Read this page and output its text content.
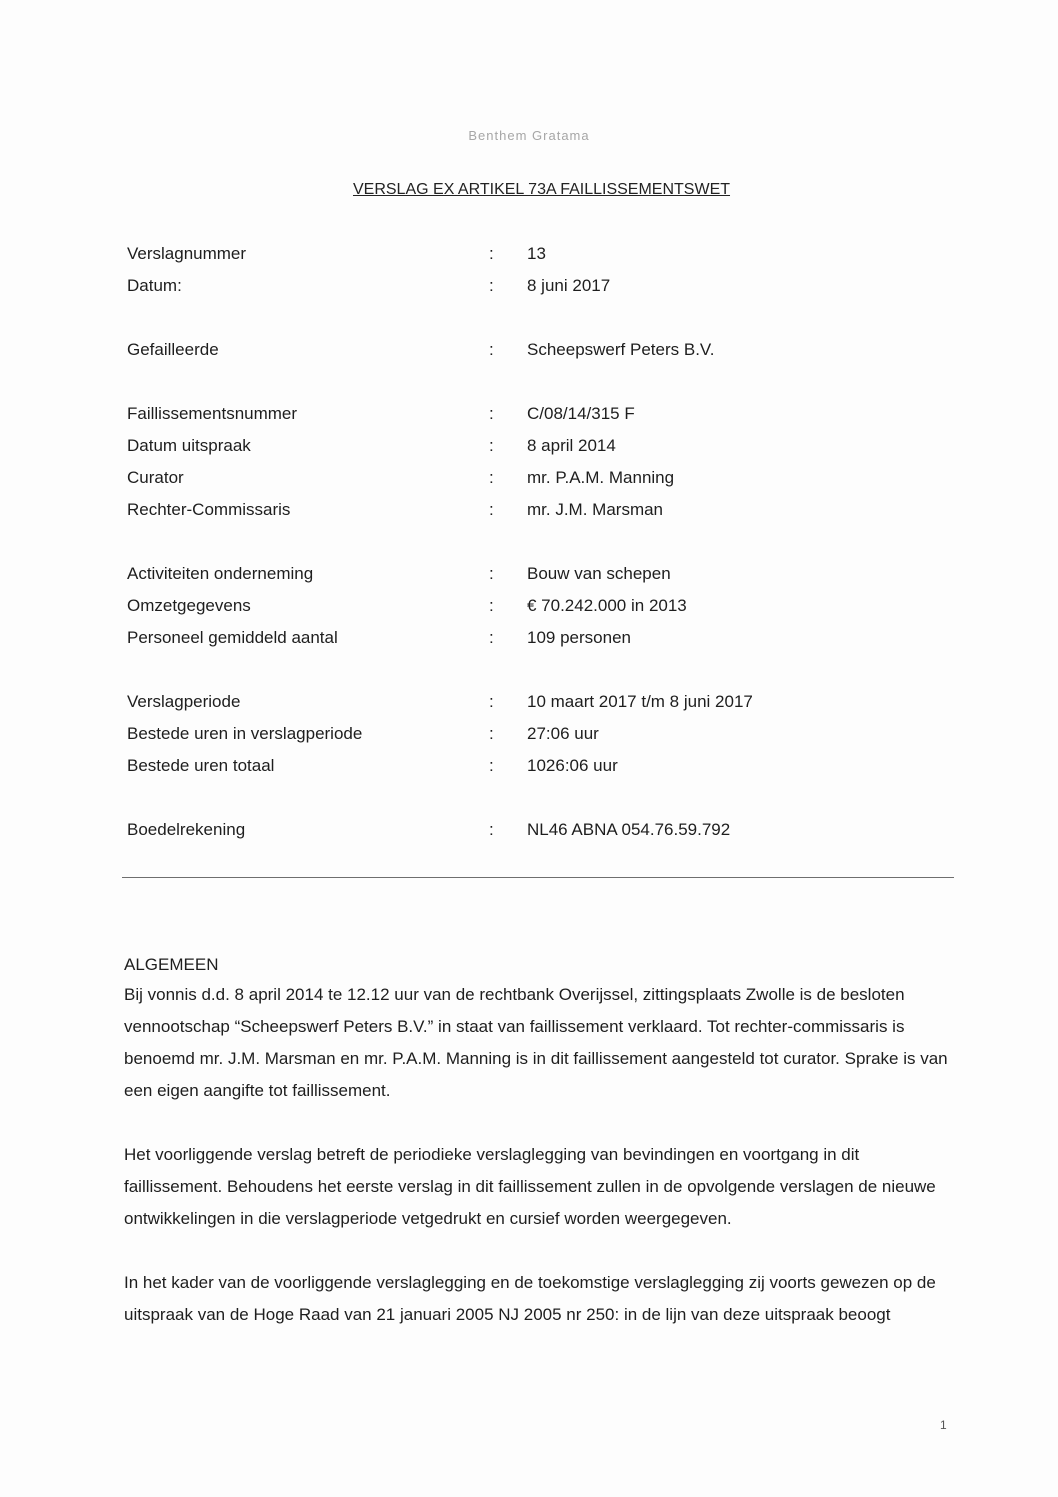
Benthem Gratama
VERSLAG EX ARTIKEL 73A FAILLISSEMENTSWET
Verslagnummer	: 13
Datum:	: 8 juni 2017
Gefailleerde	: Scheepswerf Peters B.V.
Faillissementsnummer	: C/08/14/315 F
Datum uitspraak	: 8 april 2014
Curator	: mr. P.A.M. Manning
Rechter-Commissaris	: mr. J.M. Marsman
Activiteiten onderneming	: Bouw van schepen
Omzetgegevens	: € 70.242.000 in 2013
Personeel gemiddeld aantal	: 109 personen
Verslagperiode	: 10 maart 2017 t/m 8 juni 2017
Bestede uren in verslagperiode	: 27:06 uur
Bestede uren totaal	: 1026:06 uur
Boedelrekening	: NL46 ABNA 054.76.59.792
ALGEMEEN

Bij vonnis d.d. 8 april 2014 te 12.12 uur van de rechtbank Overijssel, zittingsplaats Zwolle is de besloten vennootschap “Scheepswerf Peters B.V.” in staat van faillissement verklaard. Tot rechter-commissaris is benoemd mr. J.M. Marsman en mr. P.A.M. Manning is in dit faillissement aangesteld tot curator. Sprake is van een eigen aangifte tot faillissement.

Het voorliggende verslag betreft de periodieke verslaglegging van bevindingen en voortgang in dit faillissement. Behoudens het eerste verslag in dit faillissement zullen in de opvolgende verslagen de nieuwe ontwikkelingen in die verslagperiode vetgedrukt en cursief worden weergegeven.

In het kader van de voorliggende verslaglegging en de toekomstige verslaglegging zij voorts gewezen op de uitspraak van de Hoge Raad van 21 januari 2005 NJ 2005 nr 250: in de lijn van deze uitspraak beoogt

1
